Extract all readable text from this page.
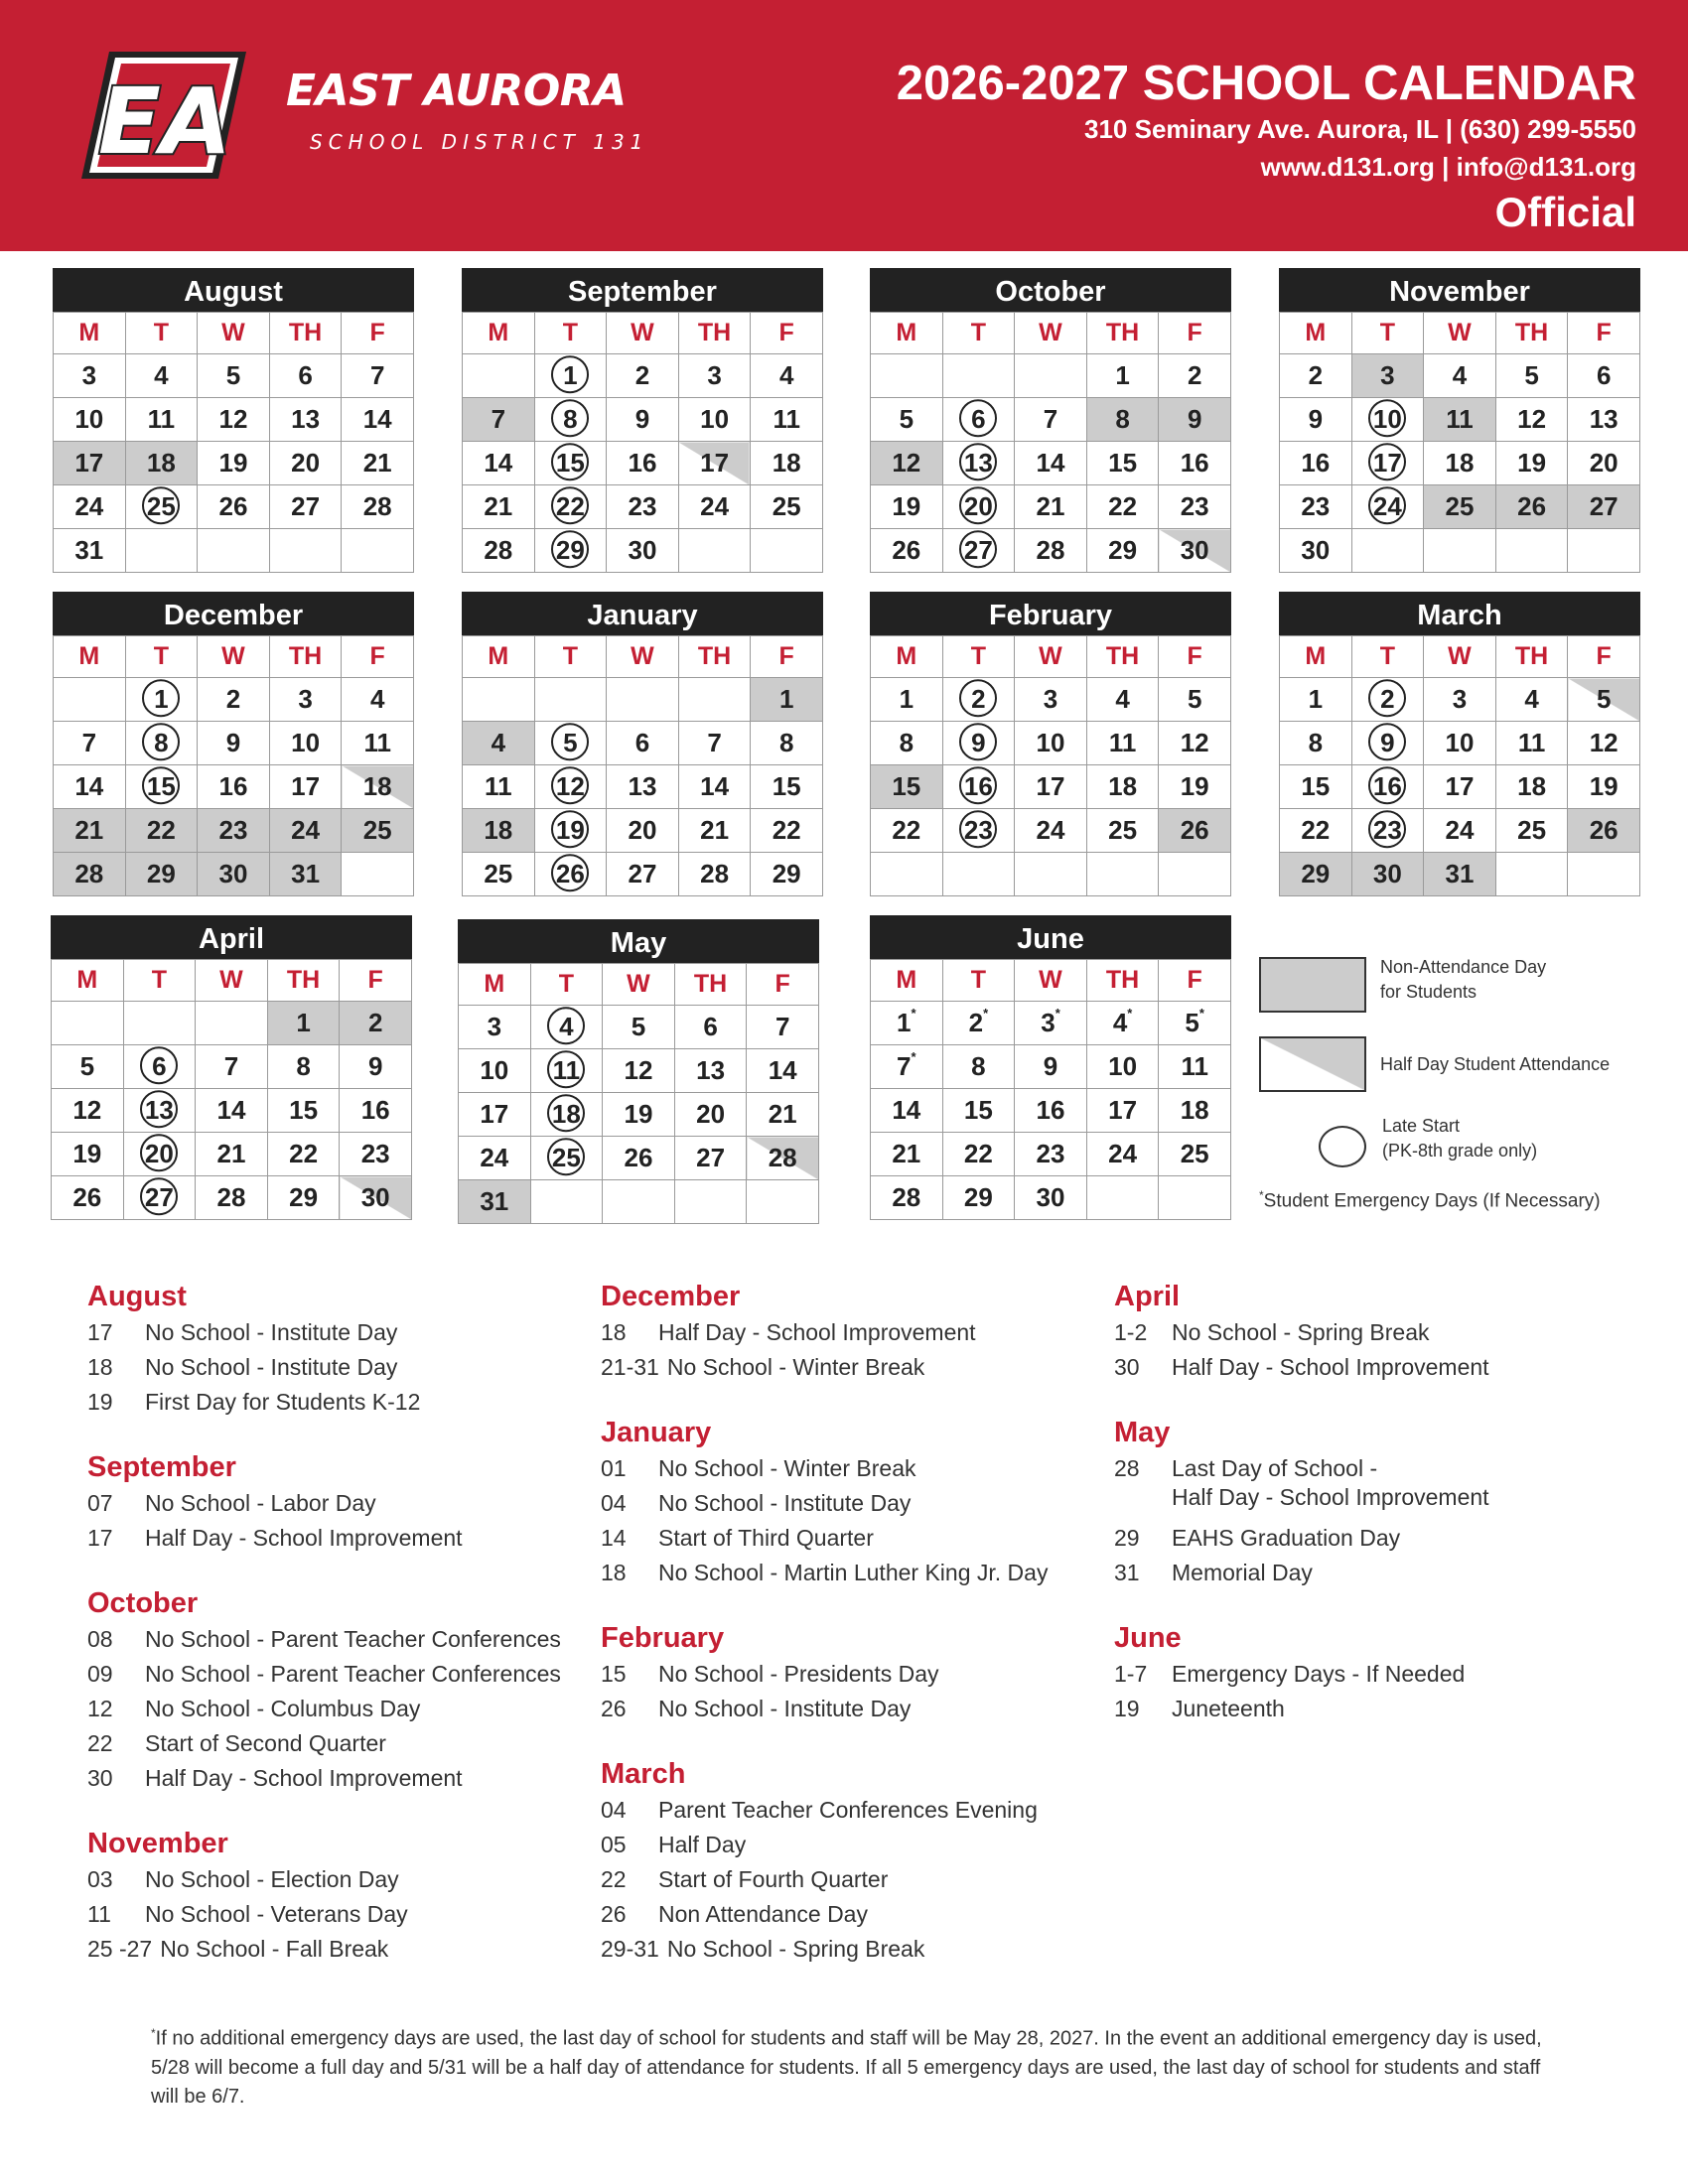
EA EAST AURORA
SCHOOL DISTRICT 131
2026-2027 SCHOOL CALENDAR
310 Seminary Ave. Aurora, IL | (630) 299-5550
www.d131.org | info@d131.org
Official
August
M	T	W	TH	F
3	4	5	6	7
10	11	12	13	14
17	18	19	20	21
24	25	26	27	28
31				
September
M	T	W	TH	F
	1	2	3	4
7	8	9	10	11
14	15	16	17	18
21	22	23	24	25
28	29	30		
October
M	T	W	TH	F
			1	2
5	6	7	8	9
12	13	14	15	16
19	20	21	22	23
26	27	28	29	30
November
M	T	W	TH	F
2	3	4	5	6
9	10	11	12	13
16	17	18	19	20
23	24	25	26	27
30				
December
M	T	W	TH	F
	1	2	3	4
7	8	9	10	11
14	15	16	17	18
21	22	23	24	25
28	29	30	31	
January
M	T	W	TH	F
				1
4	5	6	7	8
11	12	13	14	15
18	19	20	21	22
25	26	27	28	29
February
M	T	W	TH	F
1	2	3	4	5
8	9	10	11	12
15	16	17	18	19
22	23	24	25	26

March
M	T	W	TH	F
1	2	3	4	5
8	9	10	11	12
15	16	17	18	19
22	23	24	25	26
29	30	31		
April
M	T	W	TH	F
			1	2
5	6	7	8	9
12	13	14	15	16
19	20	21	22	23
26	27	28	29	30
May
M	T	W	TH	F
3	4	5	6	7
10	11	12	13	14
17	18	19	20	21
24	25	26	27	28
31				
June
M	T	W	TH	F
1*	2*	3*	4*	5*
7*	8	9	10	11
14	15	16	17	18
21	22	23	24	25
28	29	30		
Non-Attendance Day
for Students
Half Day Student Attendance
Late Start
(PK-8th grade only)
*Student Emergency Days (If Necessary)
August
17	No School - Institute Day
18	No School - Institute Day
19	First Day for Students K-12
September
07	No School - Labor Day
17	Half Day - School Improvement
October
08	No School - Parent Teacher Conferences
09	No School - Parent Teacher Conferences
12	No School - Columbus Day
22	Start of Second Quarter
30	Half Day - School Improvement
November
03	No School - Election Day
11	No School - Veterans Day
25 -27 No School - Fall Break
December
18	Half Day - School Improvement
21-31 No School - Winter Break
January
01	No School - Winter Break
04	No School - Institute Day
14	Start of Third Quarter
18	No School - Martin Luther King Jr. Day
February
15	No School - Presidents Day
26	No School - Institute Day
March
04	Parent Teacher Conferences Evening
05	Half Day
22	Start of Fourth Quarter
26	Non Attendance Day
29-31 No School - Spring Break
April
1-2	No School - Spring Break
30	Half Day - School Improvement
May
28	Last Day of School -
Half Day - School Improvement
29	EAHS Graduation Day
31	Memorial Day
June
1-7	Emergency Days - If Needed
19	Juneteenth
*If no additional emergency days are used, the last day of school for students and staff will be May 28, 2027. In the event an additional emergency day is used, 5/28 will become a full day and 5/31 will be a half day of attendance for students. If all 5 emergency days are used, the last day of school for students and staff will be 6/7.
